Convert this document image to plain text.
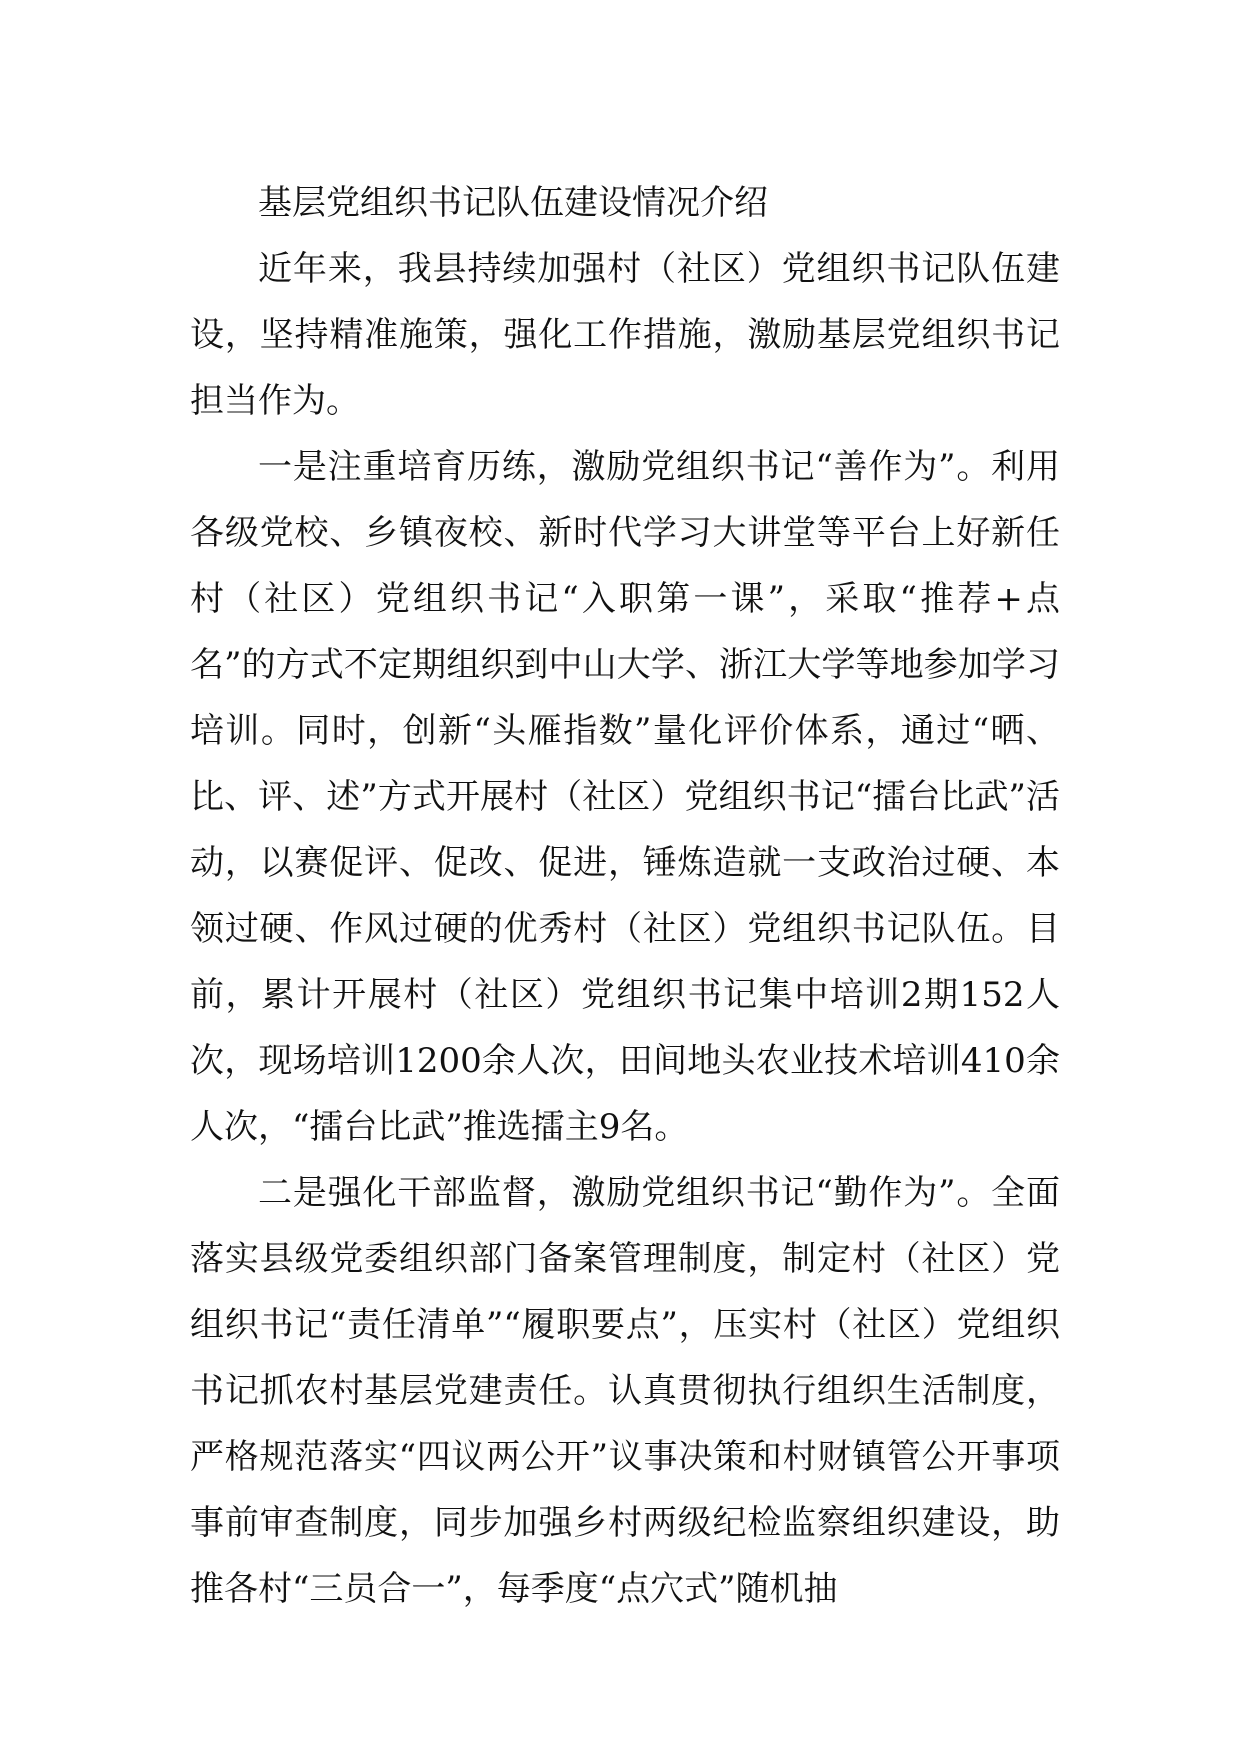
基层党组织书记队伍建设情况介绍

近年来，我县持续加强村（社区）党组织书记队伍建设，坚持精准施策，强化工作措施，激励基层党组织书记担当作为。

一是注重培育历练，激励党组织书记“善作为”。利用各级党校、乡镇夜校、新时代学习大讲堂等平台上好新任村（社区）党组织书记“入职第一课”，采取“推荐+点名”的方式不定期组织到中山大学、浙江大学等地参加学习培训。同时，创新“头雁指数”量化评价体系，通过“晒、比、评、述”方式开展村（社区）党组织书记“擂台比武”活动，以赛促评、促改、促进，锤炼造就一支政治过硬、本领过硬、作风过硬的优秀村（社区）党组织书记队伍。目前，累计开展村（社区）党组织书记集中培训2期152人次，现场培训1200余人次，田间地头农业技术培训410余人次，“擂台比武”推选擂主9名。

二是强化干部监督，激励党组织书记“勤作为”。全面落实县级党委组织部门备案管理制度，制定村（社区）党组织书记“责任清单”“履职要点”，压实村（社区）党组织书记抓农村基层党建责任。认真贯彻执行组织生活制度，严格规范落实“四议两公开”议事决策和村财镇管公开事项事前审查制度，同步加强乡村两级纪检监察组织建设，助推各村“三员合一”，每季度“点穴式”随机抽
